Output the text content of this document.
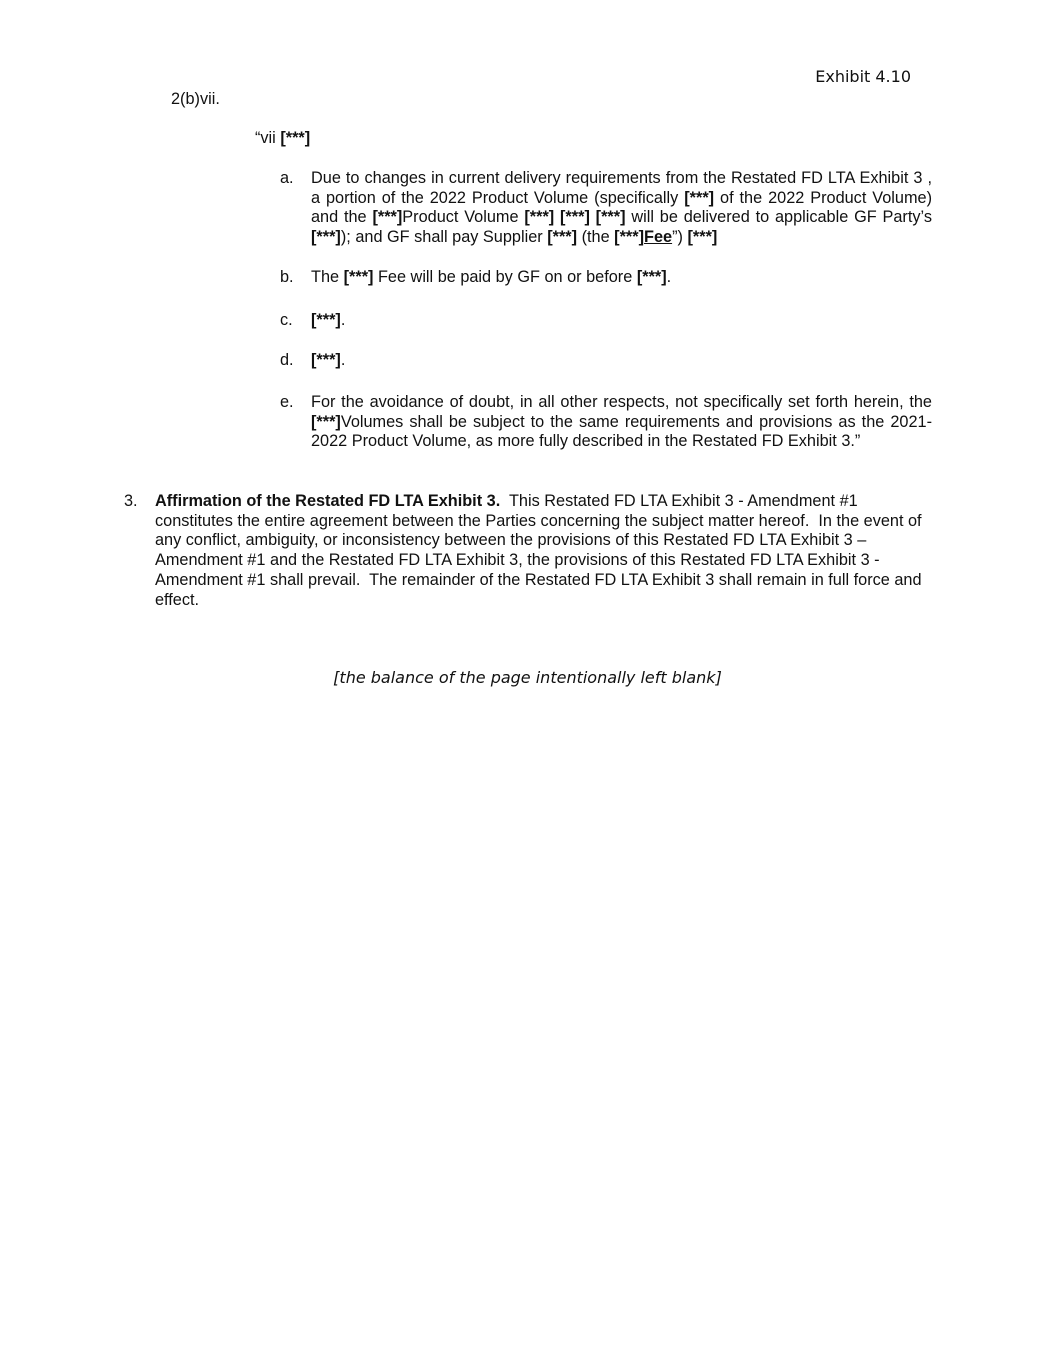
Exhibit 4.10
2(b)vii.
“vii [***]
a. Due to changes in current delivery requirements from the Restated FD LTA Exhibit 3 , a portion of the 2022 Product Volume (specifically [***] of the 2022 Product Volume) and the [***]Product Volume [***] [***] [***] will be delivered to applicable GF Party’s [***]); and GF shall pay Supplier [***] (the [***]Fee”) [***]
b. The [***] Fee will be paid by GF on or before [***].
c. [***].
d. [***].
e. For the avoidance of doubt, in all other respects, not specifically set forth herein, the [***]Volumes shall be subject to the same requirements and provisions as the 2021-2022 Product Volume, as more fully described in the Restated FD Exhibit 3.”
3. Affirmation of the Restated FD LTA Exhibit 3.  This Restated FD LTA Exhibit 3 - Amendment #1 constitutes the entire agreement between the Parties concerning the subject matter hereof.  In the event of any conflict, ambiguity, or inconsistency between the provisions of this Restated FD LTA Exhibit 3 – Amendment #1 and the Restated FD LTA Exhibit 3, the provisions of this Restated FD LTA Exhibit 3 - Amendment #1 shall prevail.  The remainder of the Restated FD LTA Exhibit 3 shall remain in full force and effect.
[the balance of the page intentionally left blank]
